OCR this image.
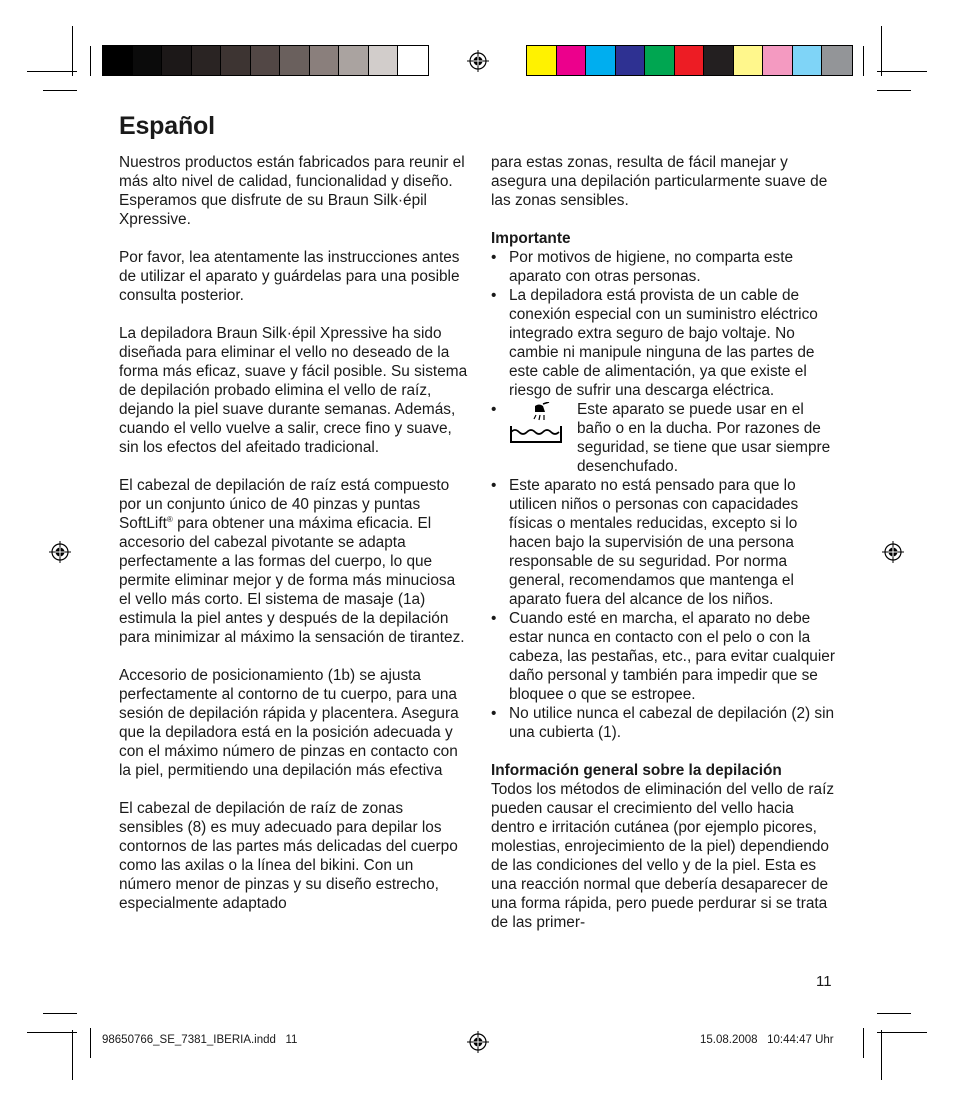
Español

Nuestros productos están fabricados para reunir el más alto nivel de calidad, funcionalidad y diseño. Esperamos que disfrute de su Braun Silk·épil Xpressive.

Por favor, lea atentamente las instrucciones antes de utilizar el aparato y guárdelas para una posible consulta posterior.

La depiladora Braun Silk·épil Xpressive ha sido diseñada para eliminar el vello no deseado de la forma más eficaz, suave y fácil posible. Su sistema de depilación probado elimina el vello de raíz, dejando la piel suave durante semanas. Además, cuando el vello vuelve a salir, crece fino y suave, sin los efectos del afeitado tradicional.

El cabezal de depilación de raíz está compuesto por un conjunto único de 40 pinzas y puntas SoftLift® para obtener una máxima eficacia. El accesorio del cabezal pivotante se adapta perfectamente a las formas del cuerpo, lo que permite eliminar mejor y de forma más minuciosa el vello más corto. El sistema de masaje (1a) estimula la piel antes y después de la depilación para minimizar al máximo la sensación de tirantez.

Accesorio de posicionamiento (1b) se ajusta perfectamente al contorno de tu cuerpo, para una sesión de depilación rápida y placentera. Asegura que la depiladora está en la posición adecuada y con el máximo número de pinzas en contacto con la piel, permitiendo una depilación más efectiva

El cabezal de depilación de raíz de zonas sensibles (8) es muy adecuado para depilar los contornos de las partes más delicadas del cuerpo como las axilas o la línea del bikini. Con un número menor de pinzas y su diseño estrecho, especialmente adaptado

para estas zonas, resulta de fácil manejar y asegura una depilación particularmente suave de las zonas sensibles.

Importante
• Por motivos de higiene, no comparta este aparato con otras personas.
• La depiladora está provista de un cable de conexión especial con un suministro eléctrico integrado extra seguro de bajo voltaje. No cambie ni manipule ninguna de las partes de este cable de alimentación, ya que existe el riesgo de sufrir una descarga eléctrica.
•	Este aparato se puede usar en el baño o en la ducha. Por razones de seguridad, se tiene que usar siempre desenchufado.
• Este aparato no está pensado para que lo utilicen niños o personas con capacidades físicas o mentales reducidas, excepto si lo hacen bajo la supervisión de una persona responsable de su seguridad. Por norma general, recomendamos que mantenga el aparato fuera del alcance de los niños.
• Cuando esté en marcha, el aparato no debe estar nunca en contacto con el pelo o con la cabeza, las pestañas, etc., para evitar cualquier daño personal y también para impedir que se bloquee o que se estropee.
• No utilice nunca el cabezal de depilación (2) sin una cubierta (1).
Información general sobre la depilación

Todos los métodos de eliminación del vello de raíz pueden causar el crecimiento del vello hacia dentro e irritación cutánea (por ejemplo picores, molestias, enrojecimiento de la piel) dependiendo de las condiciones del vello y de la piel. Esta es una reacción normal que debería desaparecer de una forma rápida, pero puede perdurar si se trata de las primer-

11
98650766_SE_7381_IBERIA.indd   11	15.08.2008   10:44:47 Uhr
